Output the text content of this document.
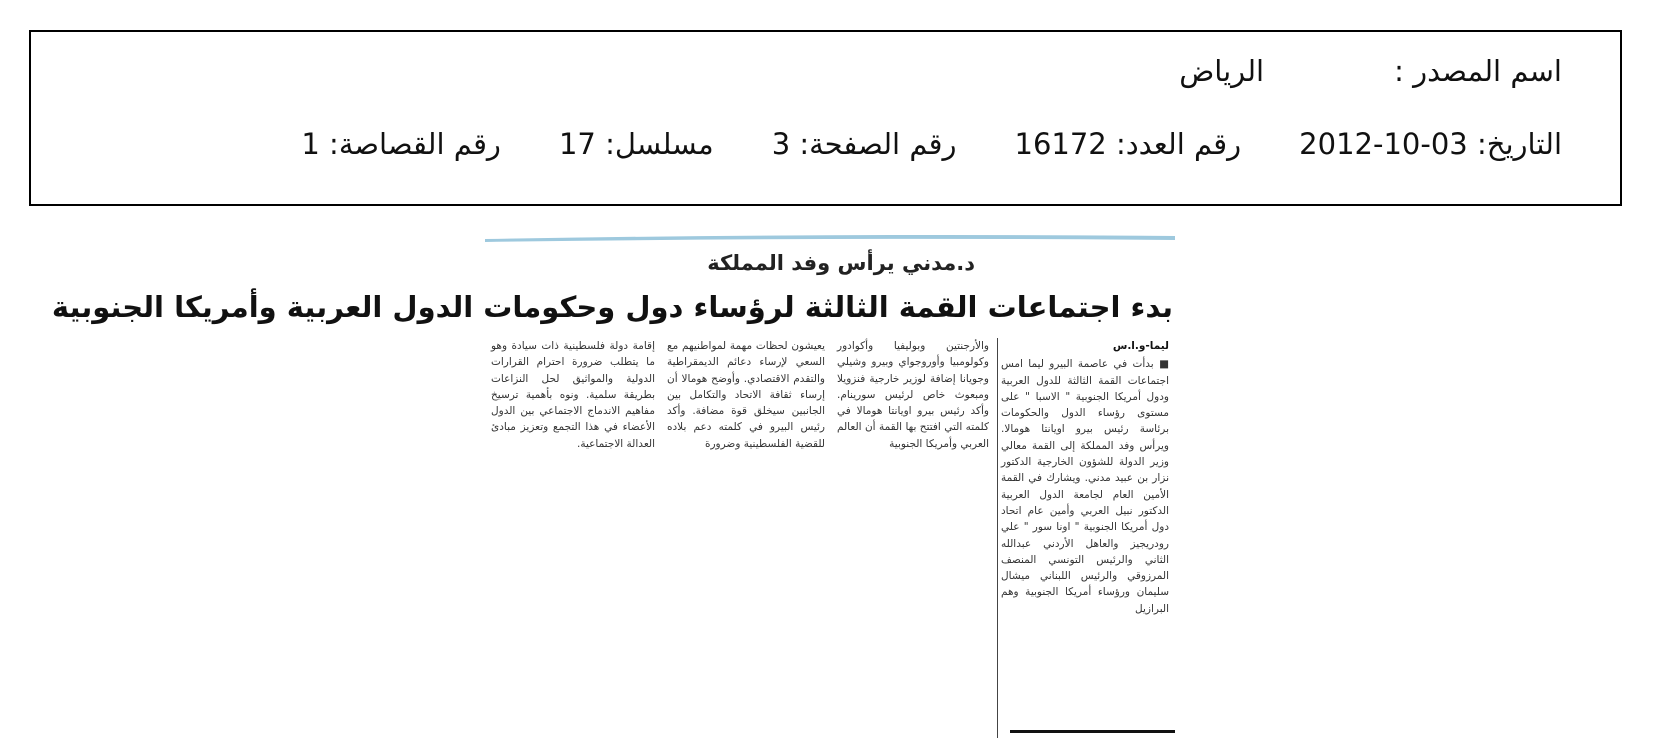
اسم المصدر :
الرياض
التاريخ: 03-10-2012
رقم العدد: 16172
رقم الصفحة: 3
مسلسل: 17
رقم القصاصة: 1
د.مدني يرأس وفد المملكة
بدء اجتماعات القمة الثالثة لرؤساء دول وحكومات الدول العربية وأمريكا الجنوبية
ليما-و.ا.س

■ بدأت في عاصمة البيرو ليما امس اجتماعات القمة الثالثة للدول العربية ودول أمريكا الجنوبية " الاسبا " على مستوى رؤساء الدول والحكومات برئاسة رئيس بيرو اويانتا هومالا. ويرأس وفد المملكة إلى القمة معالي وزير الدولة للشؤون الخارجية الدكتور نزار بن عبيد مدني. ويشارك في القمة الأمين العام لجامعة الدول العربية الدكتور نبيل العربي وأمين عام اتحاد دول أمريكا الجنوبية " اونا سور " علي رودريجيز والعاهل الأردني عبدالله الثاني والرئيس التونسي المنصف المرزوقي والرئيس اللبناني ميشال سليمان ورؤساء أمريكا الجنوبية وهم البرازيل

والأرجنتين وبوليفيا وأكوادور وكولومبيا وأوروجواي وبيرو وشيلي وجويانا إضافة لوزير خارجية فنزويلا ومبعوث خاص لرئيس سورينام. وأكد رئيس بيرو اويانتا هومالا في كلمته التي افتتح بها القمة أن العالم العربي وأمريكا الجنوبية

يعيشون لحظات مهمة لمواطنيهم مع السعي لإرساء دعائم الديمقراطية والتقدم الاقتصادي. وأوضح هومالا أن إرساء ثقافة الاتحاد والتكامل بين الجانبين سيخلق قوة مضافة. وأكد رئيس البيرو في كلمته دعم بلاده للقضية الفلسطينية وضرورة

إقامة دولة فلسطينية ذات سيادة وهو ما يتطلب ضرورة احترام القرارات الدولية والمواثيق لحل النزاعات بطريقة سلمية. ونوه بأهمية ترسيخ مفاهيم الاندماج الاجتماعي بين الدول الأعضاء في هذا التجمع وتعزيز مبادئ العدالة الاجتماعية.
